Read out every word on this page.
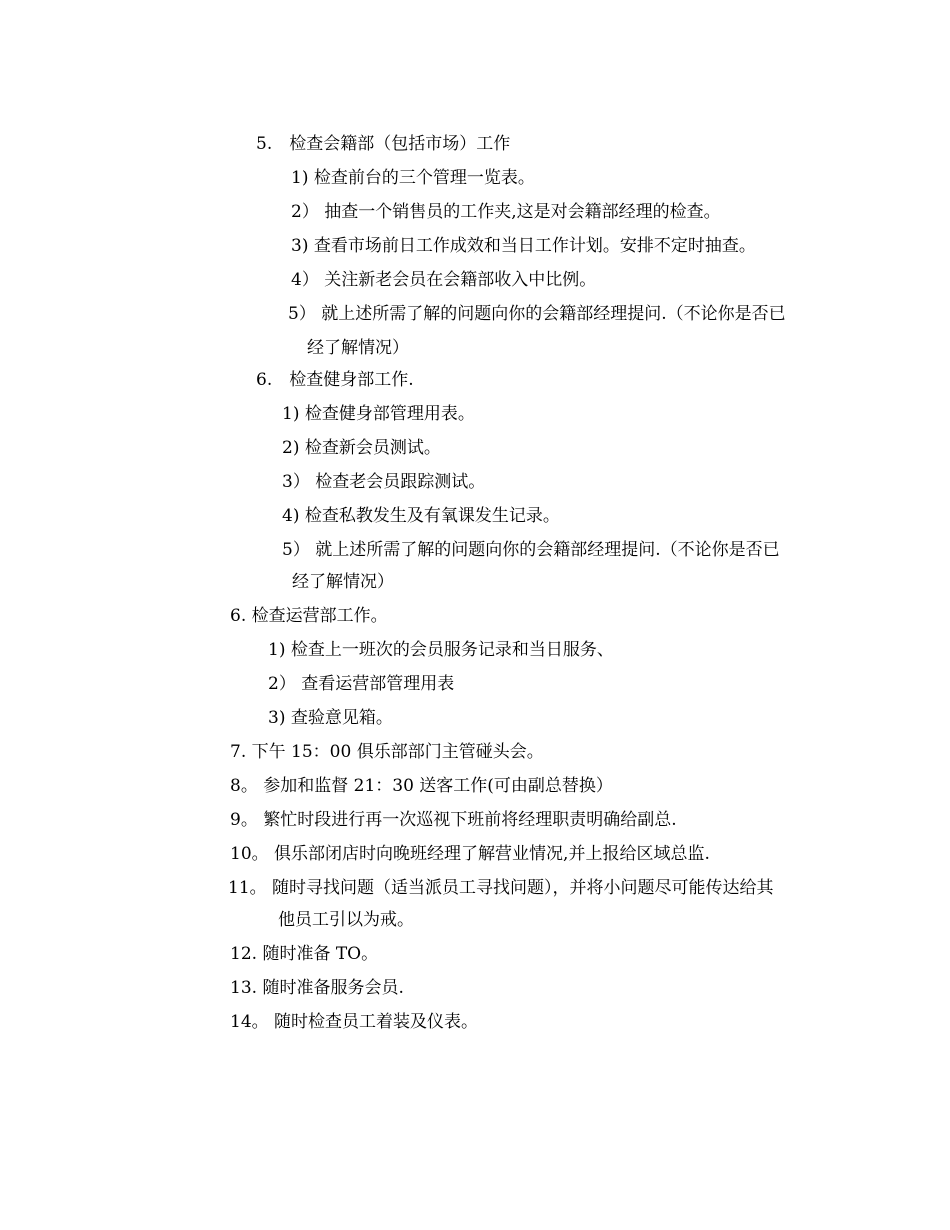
5.　检查会籍部（包括市场）工作
1) 检查前台的三个管理一览表。
2） 抽查一个销售员的工作夹,这是对会籍部经理的检查。
3) 查看市场前日工作成效和当日工作计划。安排不定时抽查。
4） 关注新老会员在会籍部收入中比例。
5） 就上述所需了解的问题向你的会籍部经理提问.（不论你是否已
经了解情况）
6.　检查健身部工作.
1) 检查健身部管理用表。
2) 检查新会员测试。
3） 检查老会员跟踪测试。
4) 检查私教发生及有氧课发生记录。
5） 就上述所需了解的问题向你的会籍部经理提问.（不论你是否已
经了解情况）
6. 检查运营部工作。
1) 检查上一班次的会员服务记录和当日服务、
2） 查看运营部管理用表
3) 查验意见箱。
7. 下午 15：00 俱乐部部门主管碰头会。
8。 参加和监督 21：30 送客工作(可由副总替换）
9。 繁忙时段进行再一次巡视下班前将经理职责明确给副总.
10。 俱乐部闭店时向晚班经理了解营业情况,并上报给区域总监.
11。 随时寻找问题（适当派员工寻找问题），并将小问题尽可能传达给其
他员工引以为戒。
12. 随时准备 TO。
13. 随时准备服务会员.
14。 随时检查员工着装及仪表。
